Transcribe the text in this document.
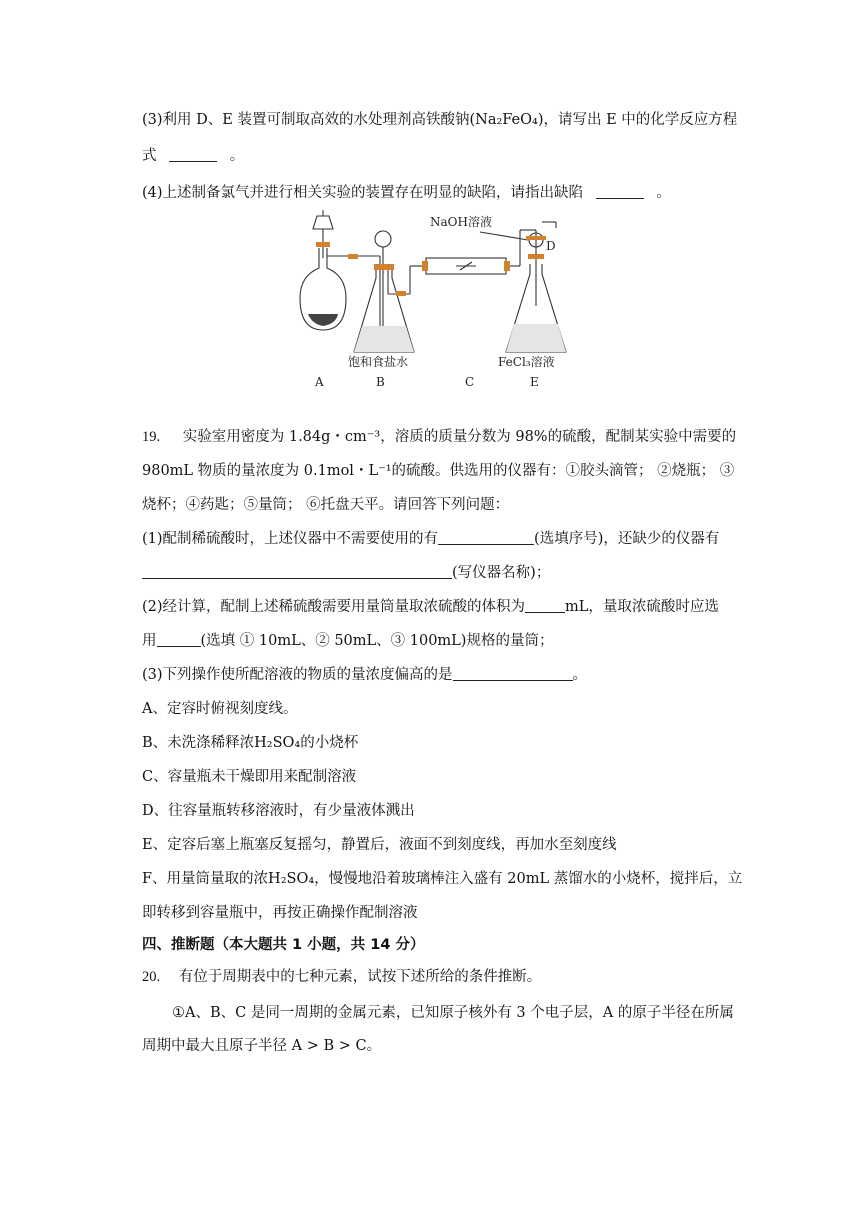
(3)利用 D、E 装置可制取高效的水处理剂高铁酸钠(Na₂FeO₄)，请写出 E 中的化学反应方程
式	。
(4)上述制备氯气并进行相关实验的装置存在明显的缺陷，请指出缺陷	。
NaOH溶液
D
饱和食盐水	FeCl₃溶液
A	B	C	E
19. 实验室用密度为 1.84g・cm⁻³，溶质的质量分数为 98%的硫酸，配制某实验中需要的
980mL 物质的量浓度为 0.1mol・L⁻¹的硫酸。供选用的仪器有：①胶头滴管； ②烧瓶； ③
烧杯；④药匙；⑤量筒； ⑥托盘天平。请回答下列问题：
(1)配制稀硫酸时，上述仪器中不需要使用的有	(选填序号)，还缺少的仪器有
(写仪器名称)；
(2)经计算，配制上述稀硫酸需要用量筒量取浓硫酸的体积为	mL，量取浓硫酸时应选
用	(选填 ① 10mL、② 50mL、③ 100mL)规格的量筒；
(3)下列操作使所配溶液的物质的量浓度偏高的是	。
A、定容时俯视刻度线。
B、未洗涤稀释浓H₂SO₄的小烧杯
C、容量瓶未干燥即用来配制溶液
D、往容量瓶转移溶液时，有少量液体溅出
E、定容后塞上瓶塞反复摇匀，静置后，液面不到刻度线，再加水至刻度线
F、用量筒量取的浓H₂SO₄，慢慢地沿着玻璃棒注入盛有 20mL 蒸馏水的小烧杯，搅拌后，立
即转移到容量瓶中，再按正确操作配制溶液
四、推断题（本大题共 1 小题，共 14 分）
20. 有位于周期表中的七种元素，试按下述所给的条件推断。
①A、B、C 是同一周期的金属元素，已知原子核外有 3 个电子层，A 的原子半径在所属
周期中最大且原子半径 A > B > C。
